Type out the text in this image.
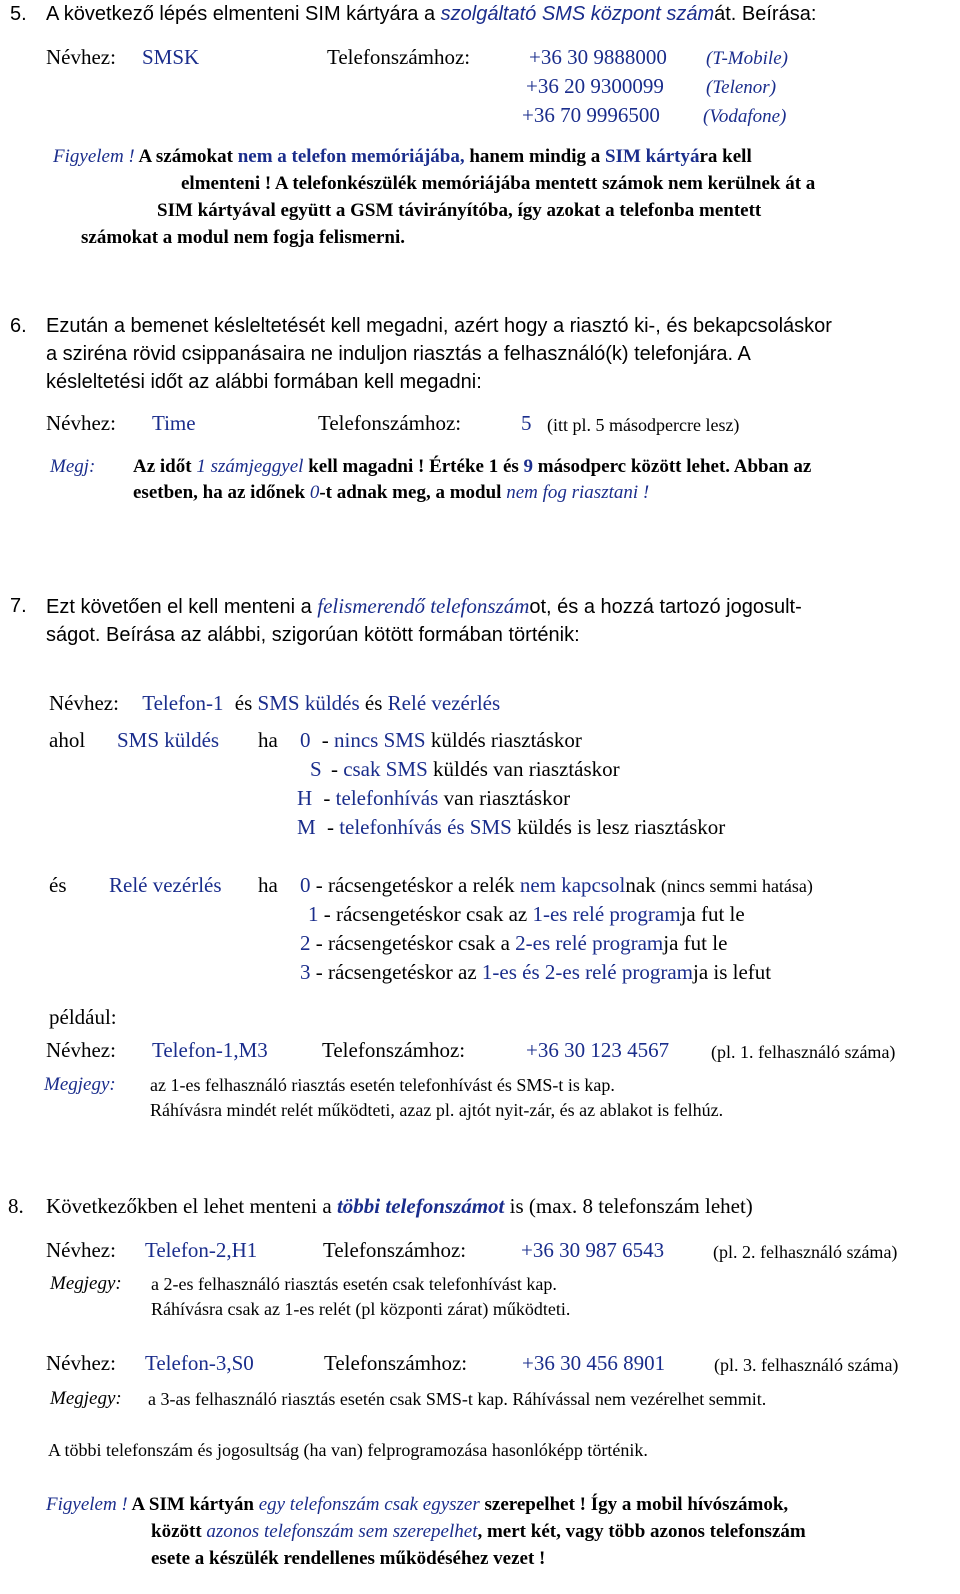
5. A következő lépés elmenteni SIM kártyára a szolgáltató SMS központ számát. Beírása:
Névhez: SMSK	Telefonszámhoz:	+36 30 9888000 (T-Mobile)
+36 20 9300099 (Telenor)
+36 70 9996500 (Vodafone)
Figyelem ! A számokat nem a telefon memóriájába, hanem mindig a SIM kártyára kell
elmenteni ! A telefonkészülék memóriájába mentett számok nem kerülnek át a
SIM kártyával együtt a GSM távirányítóba, így azokat a telefonba mentett
számokat a modul nem fogja felismerni.
6. Ezután a bemenet késleltetését kell megadni, azért hogy a riasztó ki-, és bekapcsoláskor
a sziréna rövid csippanásaira ne induljon riasztás a felhasználó(k) telefonjára. A
késleltetési időt az alábbi formában kell megadni:
Névhez: Time	Telefonszámhoz:	5 (itt pl. 5 másodpercre lesz)
Megj: Az időt 1 számjeggyel kell magadni ! Értéke 1 és 9 másodperc között lehet. Abban az
esetben, ha az időnek 0-t adnak meg, a modul nem fog riasztani !
7. Ezt követően el kell menteni a felismerendő telefonszámot, és a hozzá tartozó jogosult-
ságot. Beírása az alábbi, szigorúan kötött formában történik:
Névhez: Telefon-1 és SMS küldés és Relé vezérlés
ahol SMS küldés ha 0 - nincs SMS küldés riasztáskor
S - csak SMS küldés van riasztáskor
H - telefonhívás van riasztáskor
M - telefonhívás és SMS küldés is lesz riasztáskor
és Relé vezérlés ha 0 - rácsengetéskor a relék nem kapcsolnak (nincs semmi hatása)
1 - rácsengetéskor csak az 1-es relé programja fut le
2 - rácsengetéskor csak a 2-es relé programja fut le
3 - rácsengetéskor az 1-es és 2-es relé programja is lefut
például:
Névhez: Telefon-1,M3	Telefonszámhoz:	+36 30 123 4567 (pl. 1. felhasználó száma)
Megjegy: az 1-es felhasználó riasztás esetén telefonhívást és SMS-t is kap.
Ráhívásra mindét relét működteti, azaz pl. ajtót nyit-zár, és az ablakot is felhúz.
8. Következőkben el lehet menteni a többi telefonszámot is (max. 8 telefonszám lehet)
Névhez: Telefon-2,H1	Telefonszámhoz:	+36 30 987 6543	(pl. 2. felhasználó száma)
Megjegy: a 2-es felhasználó riasztás esetén csak telefonhívást kap.
Ráhívásra csak az 1-es relét (pl központi zárat) működteti.
Névhez: Telefon-3,S0	Telefonszámhoz:	+36 30 456 8901	(pl. 3. felhasználó száma)
Megjegy: a 3-as felhasználó riasztás esetén csak SMS-t kap. Ráhívással nem vezérelhet semmit.
A többi telefonszám és jogosultság (ha van) felprogramozása hasonlóképp történik.
Figyelem ! A SIM kártyán egy telefonszám csak egyszer szerepelhet ! Így a mobil hívószámok,
között azonos telefonszám sem szerepelhet, mert két, vagy több azonos telefonszám
esete a készülék rendellenes működéséhez vezet !
